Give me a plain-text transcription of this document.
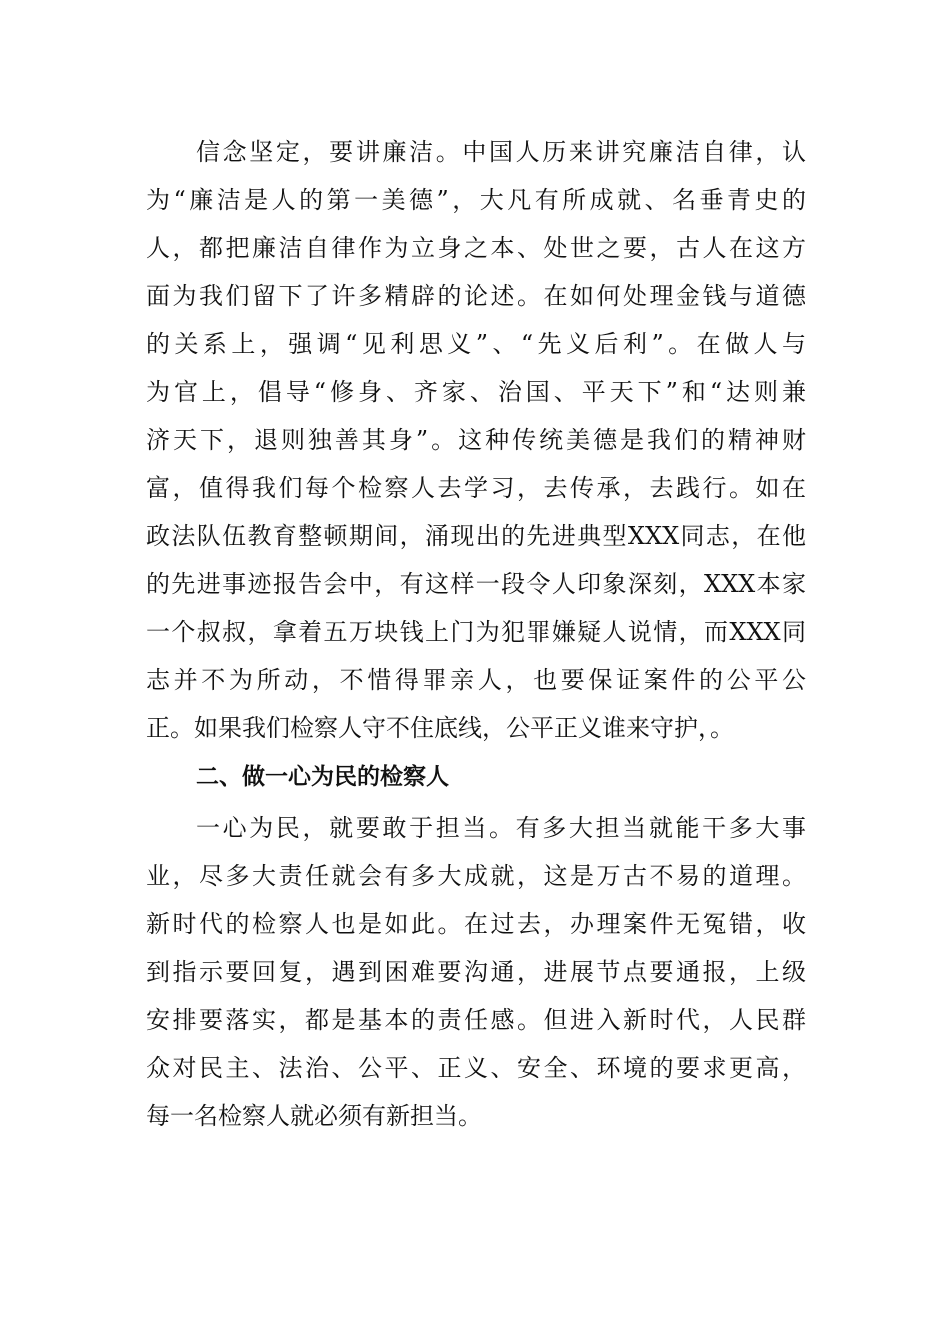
信念坚定，要讲廉洁。中国人历来讲究廉洁自律，认
为“廉洁是人的第一美德”，大凡有所成就、名垂青史的
人，都把廉洁自律作为立身之本、处世之要，古人在这方
面为我们留下了许多精辟的论述。在如何处理金钱与道德
的关系上，强调“见利思义”、“先义后利”。在做人与
为官上，倡导“修身、齐家、治国、平天下”和“达则兼
济天下，退则独善其身”。这种传统美德是我们的精神财
富，值得我们每个检察人去学习，去传承，去践行。如在
政法队伍教育整顿期间，涌现出的先进典型XXX同志，在他
的先进事迹报告会中，有这样一段令人印象深刻，XXX本家
一个叔叔，拿着五万块钱上门为犯罪嫌疑人说情，而XXX同
志并不为所动，不惜得罪亲人，也要保证案件的公平公
正。如果我们检察人守不住底线，公平正义谁来守护，。
二、做一心为民的检察人
一心为民，就要敢于担当。有多大担当就能干多大事
业，尽多大责任就会有多大成就，这是万古不易的道理。
新时代的检察人也是如此。在过去，办理案件无冤错，收
到指示要回复，遇到困难要沟通，进展节点要通报，上级
安排要落实，都是基本的责任感。但进入新时代，人民群
众对民主、法治、公平、正义、安全、环境的要求更高，
每一名检察人就必须有新担当。
